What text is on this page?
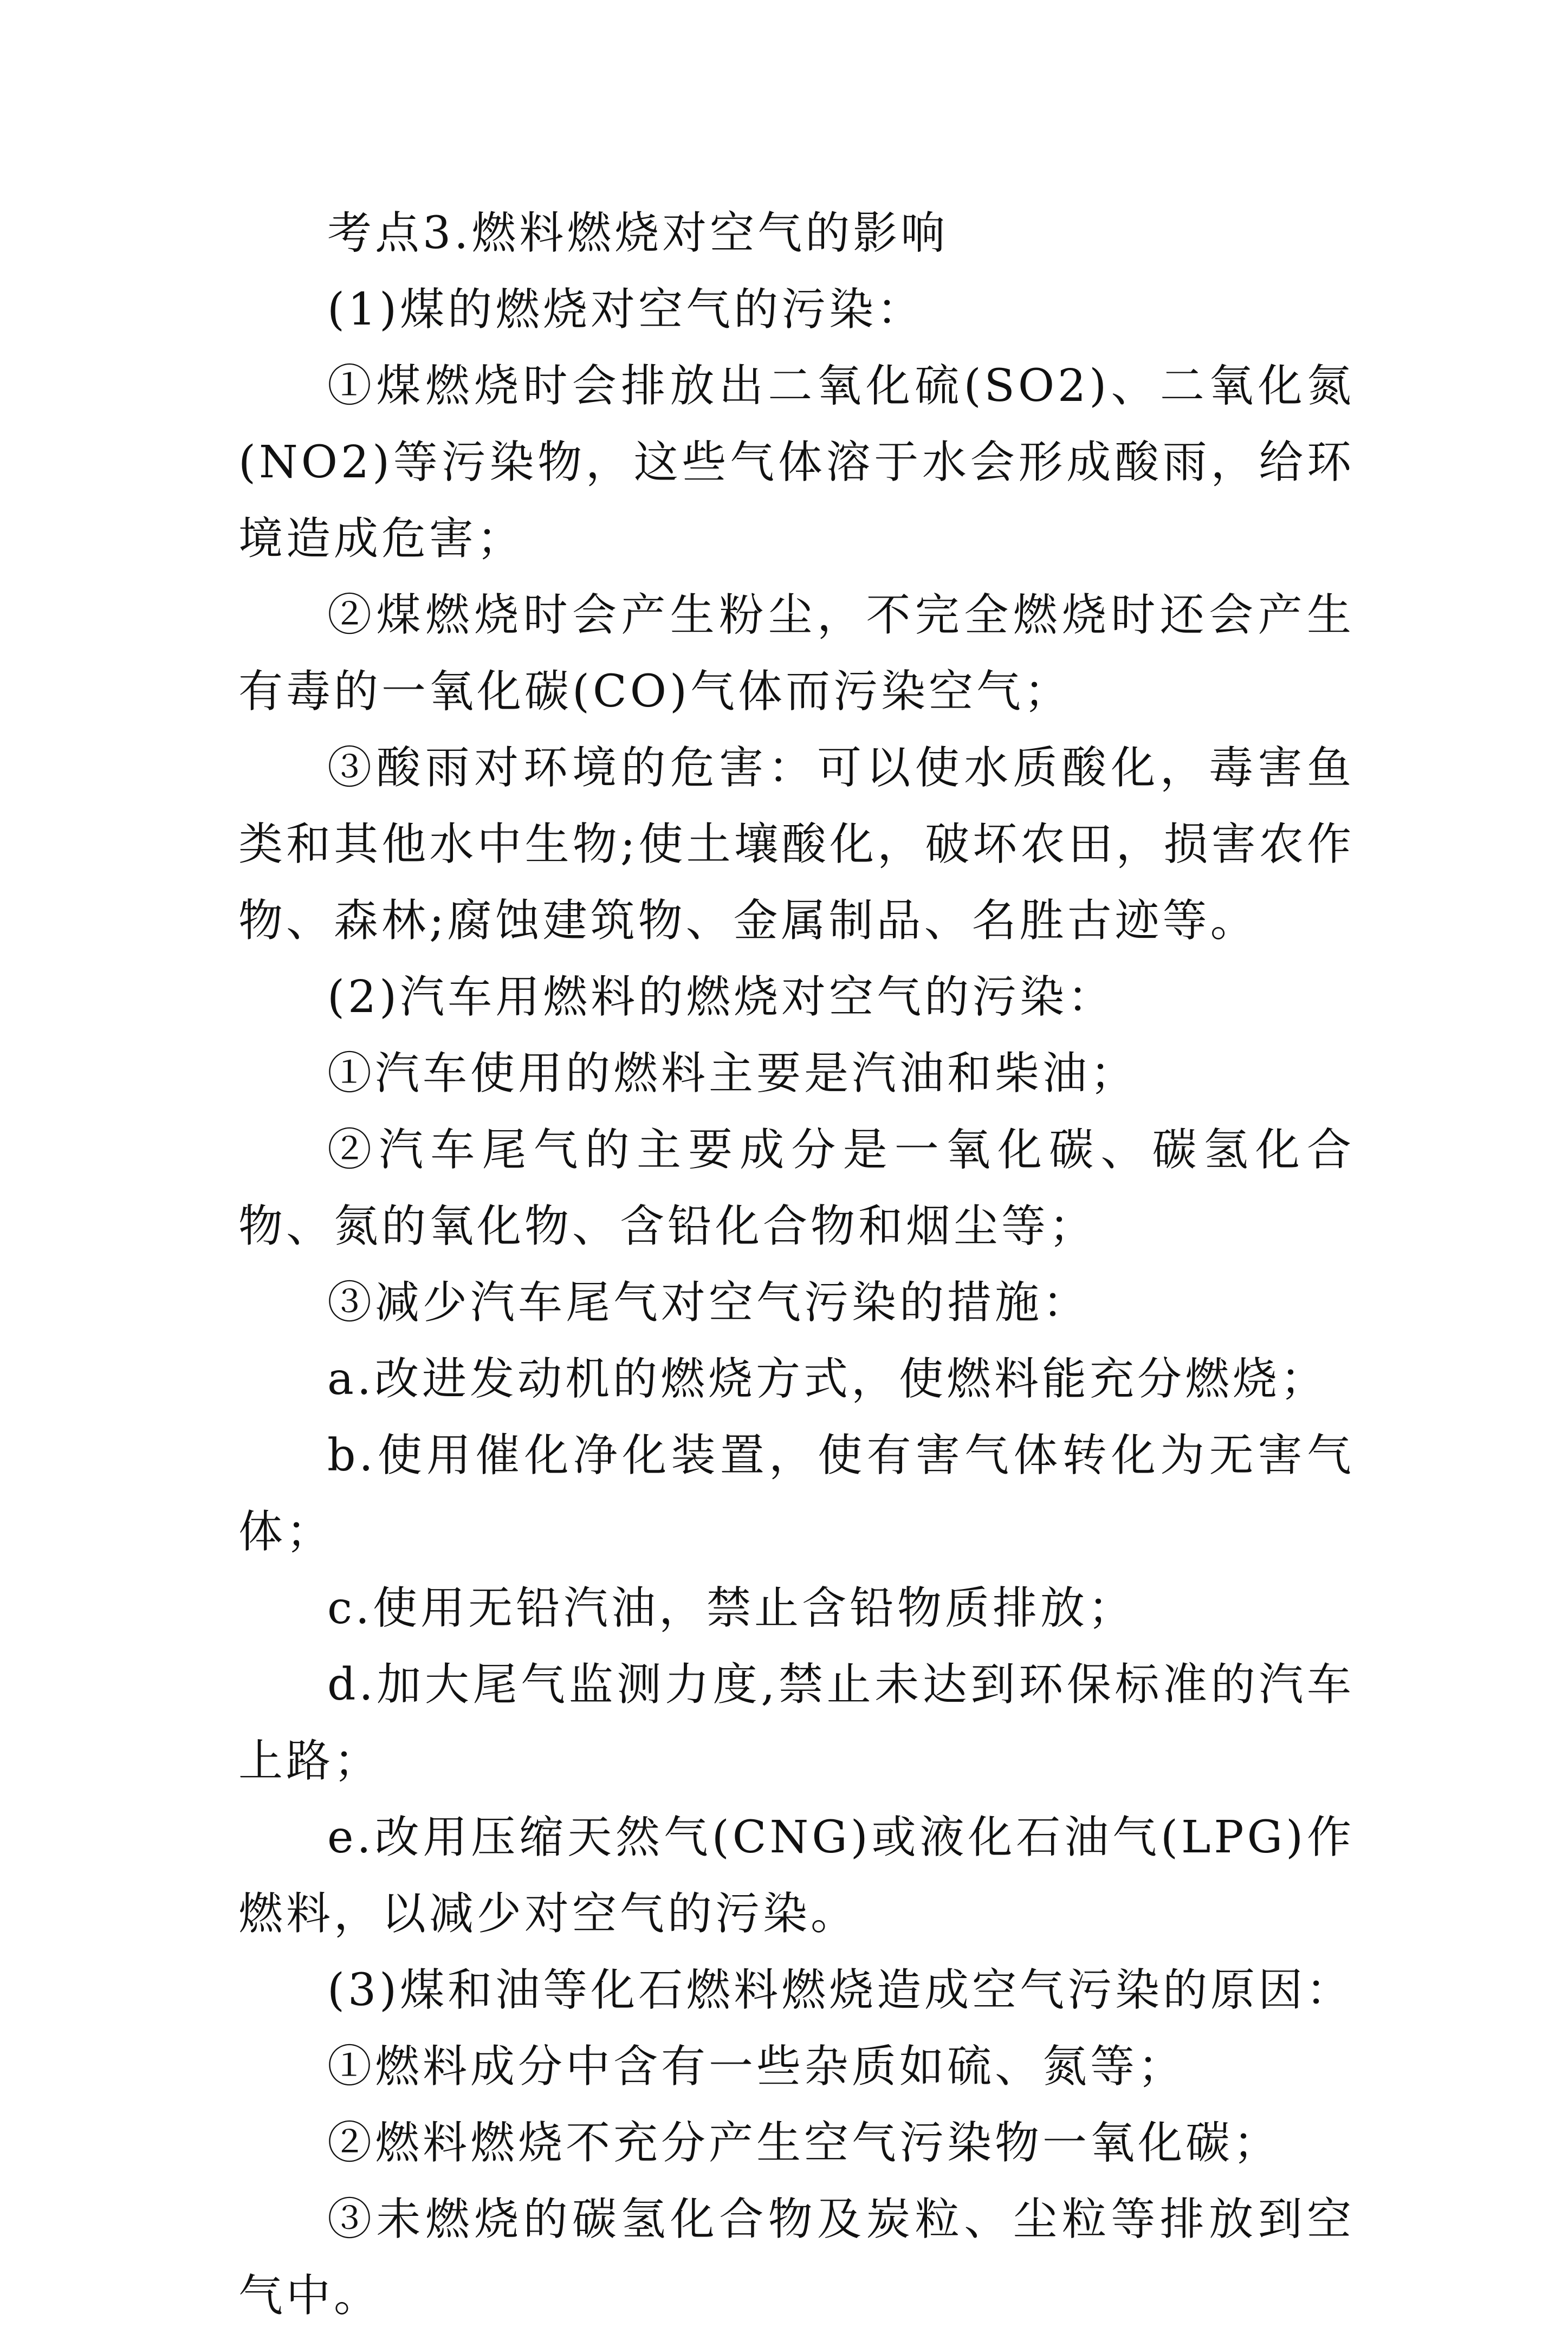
考点3.燃料燃烧对空气的影响

(1)煤的燃烧对空气的污染：

①煤燃烧时会排放出二氧化硫(SO2)、二氧化氮(NO2)等污染物，这些气体溶于水会形成酸雨，给环境造成危害；

②煤燃烧时会产生粉尘，不完全燃烧时还会产生有毒的一氧化碳(CO)气体而污染空气；

③酸雨对环境的危害：可以使水质酸化，毒害鱼类和其他水中生物;使土壤酸化，破坏农田，损害农作物、森林;腐蚀建筑物、金属制品、名胜古迹等。

(2)汽车用燃料的燃烧对空气的污染：

①汽车使用的燃料主要是汽油和柴油；

②汽车尾气的主要成分是一氧化碳、碳氢化合物、氮的氧化物、含铅化合物和烟尘等；

③减少汽车尾气对空气污染的措施：

a.改进发动机的燃烧方式，使燃料能充分燃烧；

b.使用催化净化装置，使有害气体转化为无害气体；

c.使用无铅汽油，禁止含铅物质排放；

d.加大尾气监测力度,禁止未达到环保标准的汽车上路；

e.改用压缩天然气(CNG)或液化石油气(LPG)作燃料，以减少对空气的污染。

(3)煤和油等化石燃料燃烧造成空气污染的原因：

①燃料成分中含有一些杂质如硫、氮等；

②燃料燃烧不充分产生空气污染物一氧化碳；

③未燃烧的碳氢化合物及炭粒、尘粒等排放到空气中。
